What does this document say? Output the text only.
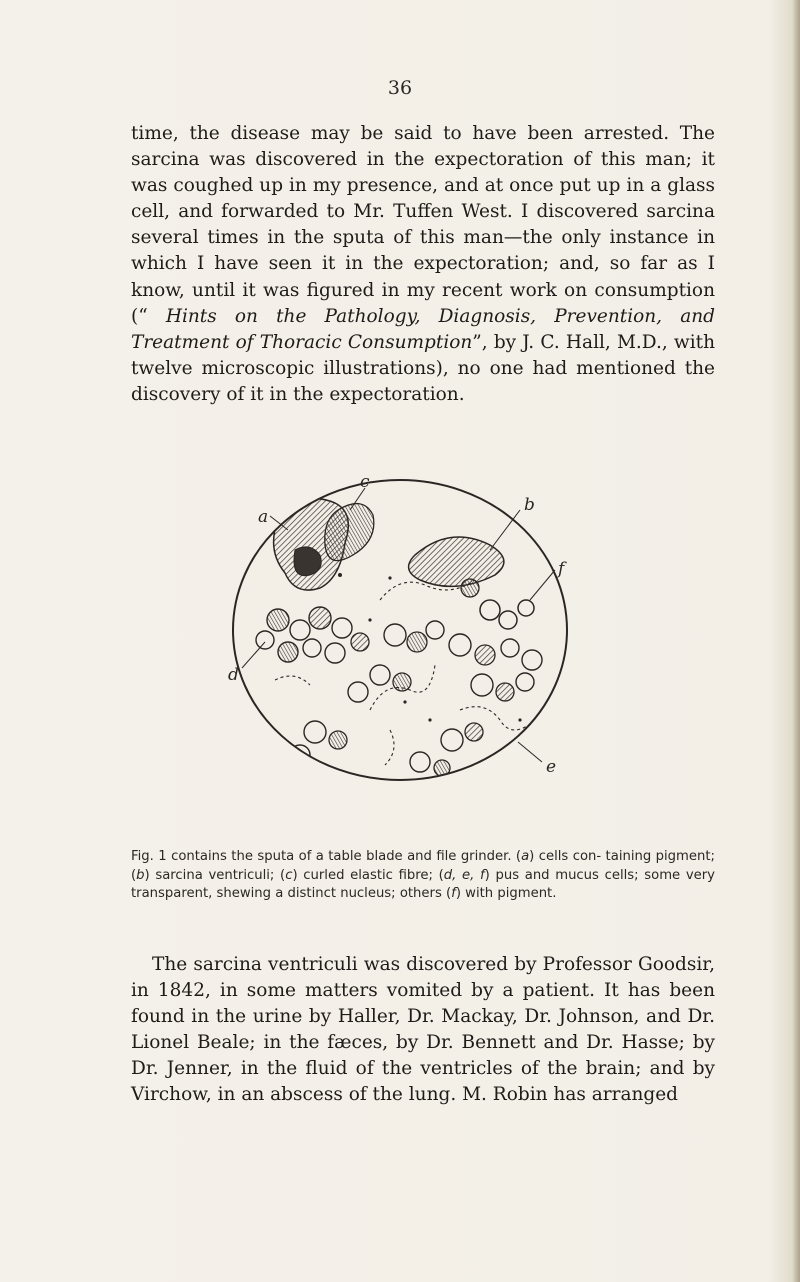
36
time, the disease may be said to have been arrested. The sarcina was discovered in the expectoration of this man; it was coughed up in my presence, and at once put up in a glass cell, and forwarded to Mr. Tuffen West. I discovered sarcina several times in the sputa of this man—the only instance in which I have seen it in the expectoration; and, so far as I know, until it was figured in my recent work on consumption (“ Hints on the Pathology, Diagnosis, Prevention, and Treatment of Thoracic Consumption”, by J. C. Hall, M.D., with twelve microscopic illustrations), no one had mentioned the discovery of it in the expectoration.
c
a
b
f
d
e
Fig. 1 contains the sputa of a table blade and file grinder. (a) cells con- taining pigment; (b) sarcina ventriculi; (c) curled elastic fibre; (d, e, f) pus and mucus cells; some very transparent, shewing a distinct nucleus; others (f) with pigment.
The sarcina ventriculi was discovered by Professor Goodsir, in 1842, in some matters vomited by a patient. It has been found in the urine by Haller, Dr. Mackay, Dr. Johnson, and Dr. Lionel Beale; in the fæces, by Dr. Bennett and Dr. Hasse; by Dr. Jenner, in the fluid of the ventricles of the brain; and by Virchow, in an abscess of the lung. M. Robin has arranged
